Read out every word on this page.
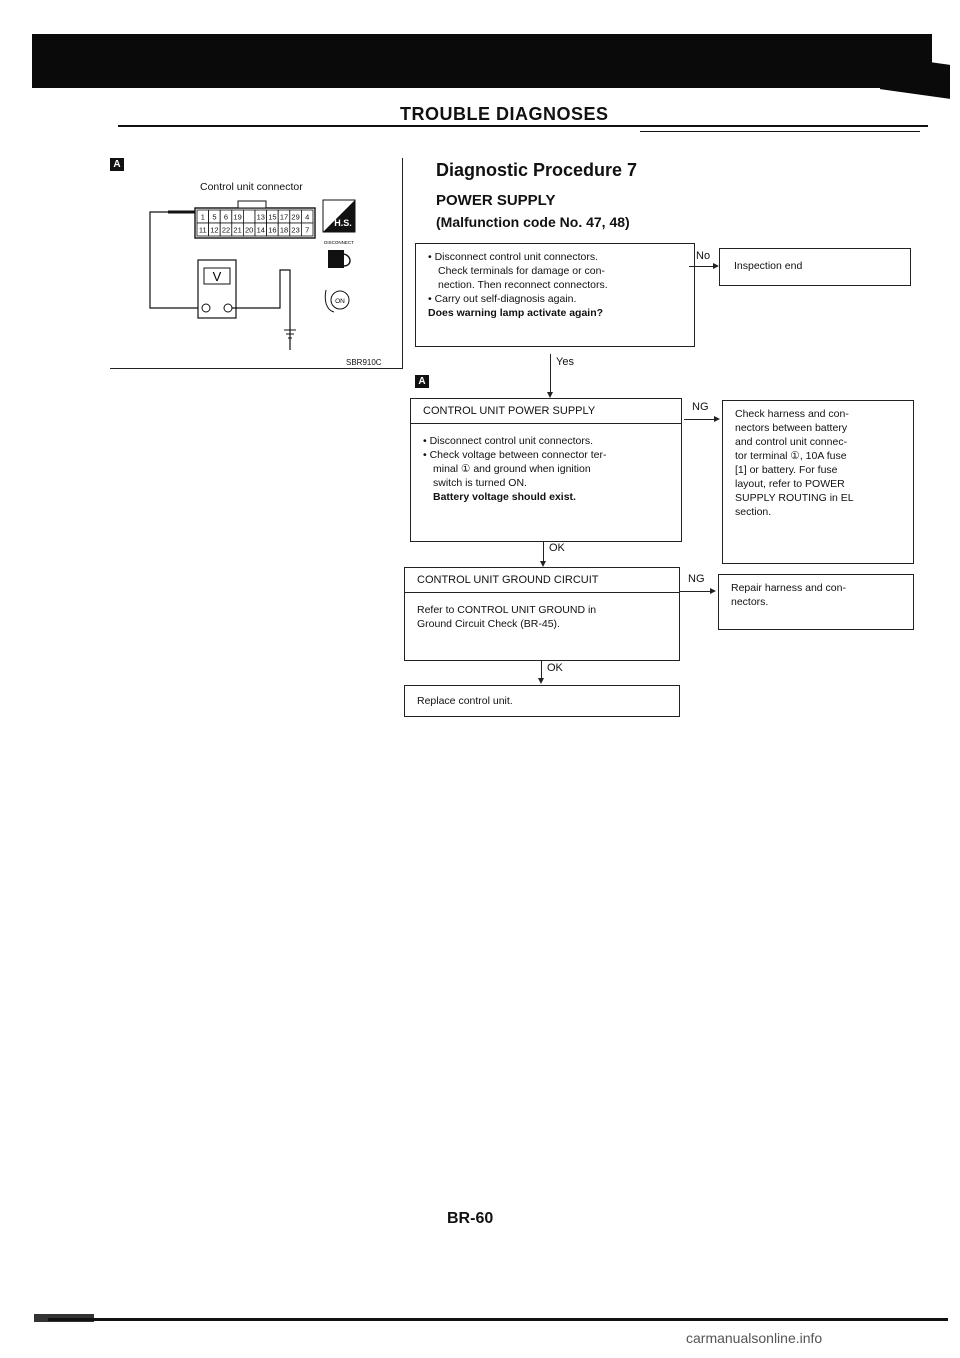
TROUBLE DIAGNOSES
A
Control unit connector
1 5 6 19 13 15 17 29 4
11 12 22 21 20 14 16 18 23 7
V
H.S.
DISCONNECT
ON
SBR910C
Diagnostic Procedure 7
POWER SUPPLY
(Malfunction code No. 47, 48)
• Disconnect control unit connectors.
Check terminals for damage or con-
nection. Then reconnect connectors.
• Carry out self-diagnosis again.
Does warning lamp activate again?
No
Inspection end
Yes
A
CONTROL UNIT POWER SUPPLY
• Disconnect control unit connectors.
• Check voltage between connector ter-
minal ① and ground when ignition
switch is turned ON.
Battery voltage should exist.
NG
Check harness and con-
nectors between battery
and control unit connec-
tor terminal ①, 10A fuse
[1] or battery. For fuse
layout, refer to POWER
SUPPLY ROUTING in EL
section.
OK
CONTROL UNIT GROUND CIRCUIT
Refer to CONTROL UNIT GROUND in
Ground Circuit Check (BR-45).
NG
Repair harness and con-
nectors.
OK
Replace control unit.
BR-60
carmanualsonline.info
